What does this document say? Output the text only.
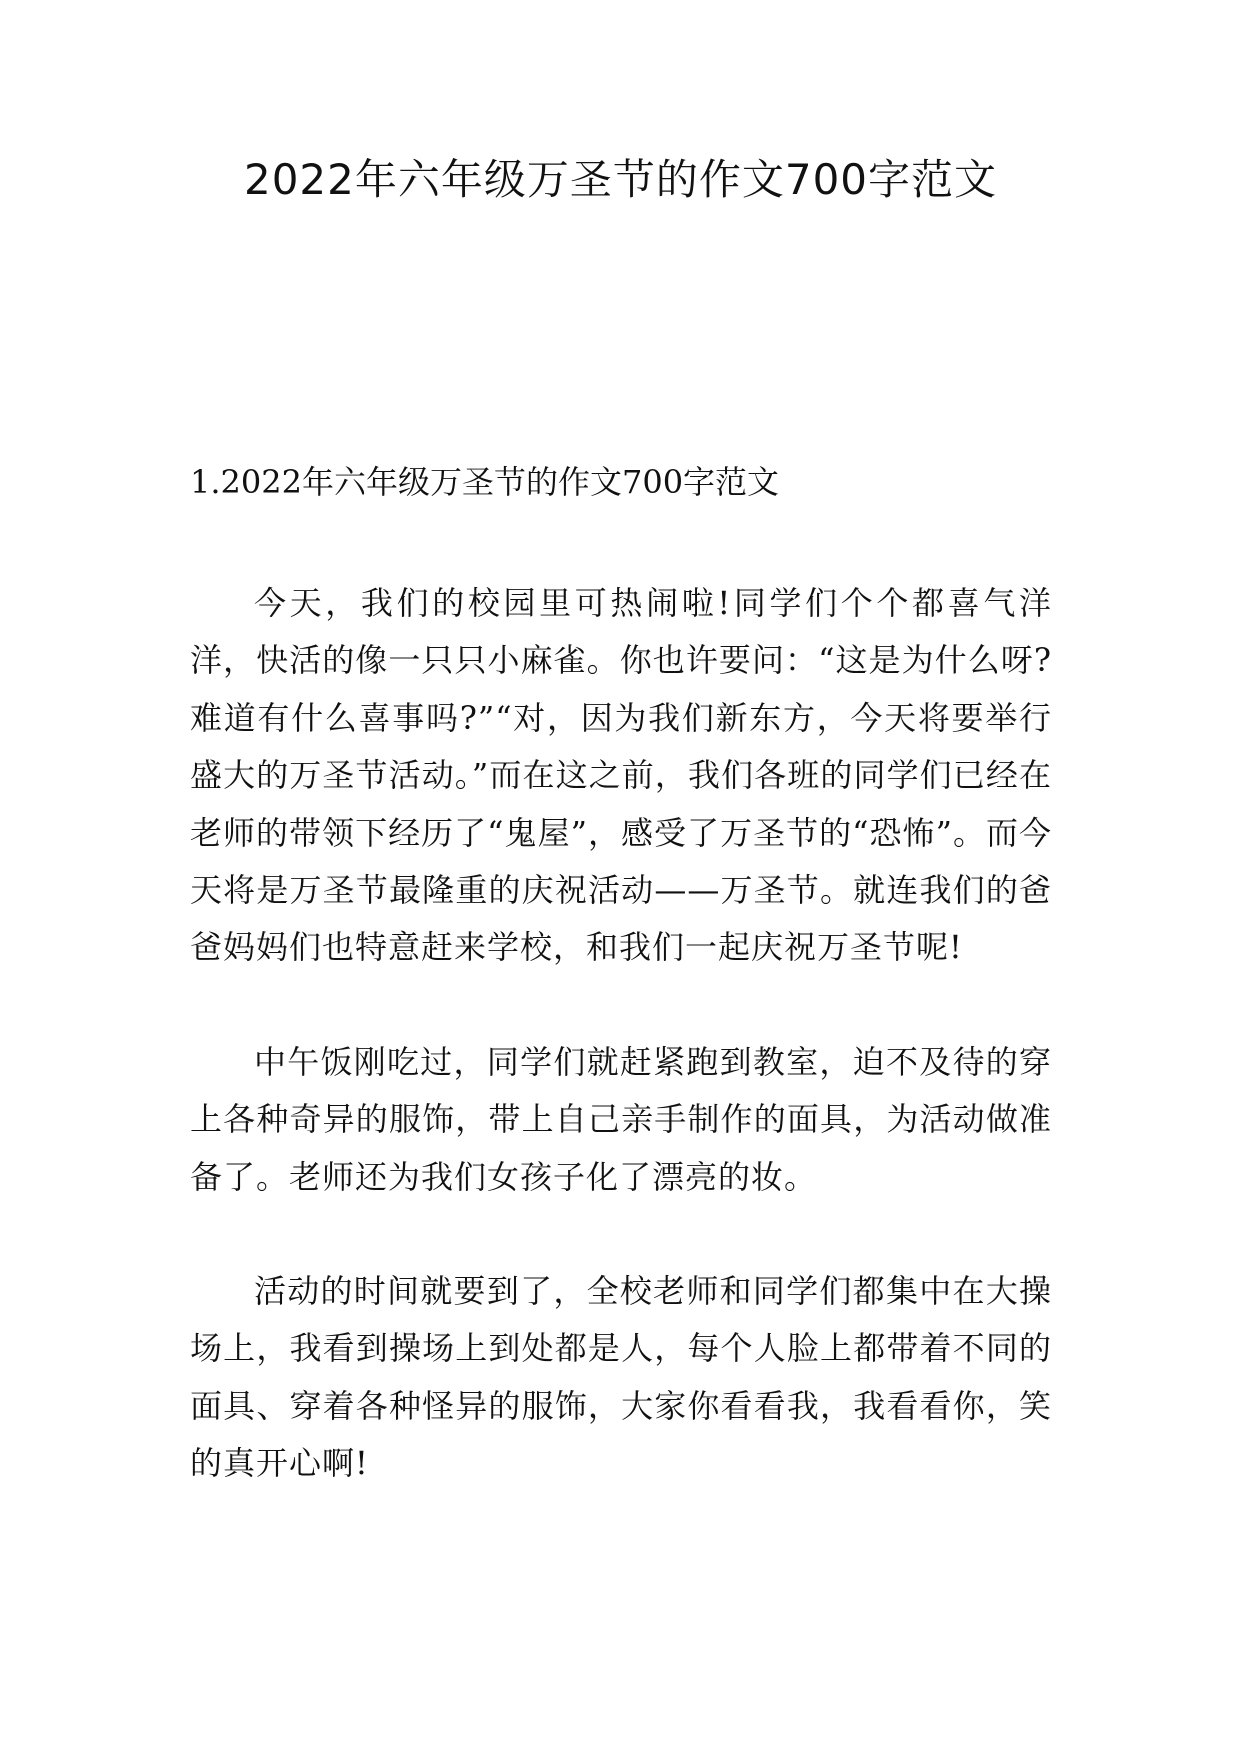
2022年六年级万圣节的作文700字范文
1.2022年六年级万圣节的作文700字范文

今天，我们的校园里可热闹啦!同学们个个都喜气洋洋，快活的像一只只小麻雀。你也许要问：“这是为什么呀?难道有什么喜事吗?”“对，因为我们新东方，今天将要举行盛大的万圣节活动。”而在这之前，我们各班的同学们已经在老师的带领下经历了“鬼屋”，感受了万圣节的“恐怖”。而今天将是万圣节最隆重的庆祝活动——万圣节。就连我们的爸爸妈妈们也特意赶来学校，和我们一起庆祝万圣节呢!

中午饭刚吃过，同学们就赶紧跑到教室，迫不及待的穿上各种奇异的服饰，带上自己亲手制作的面具，为活动做准备了。老师还为我们女孩子化了漂亮的妆。

活动的时间就要到了，全校老师和同学们都集中在大操场上，我看到操场上到处都是人，每个人脸上都带着不同的面具、穿着各种怪异的服饰，大家你看看我，我看看你，笑的真开心啊!
